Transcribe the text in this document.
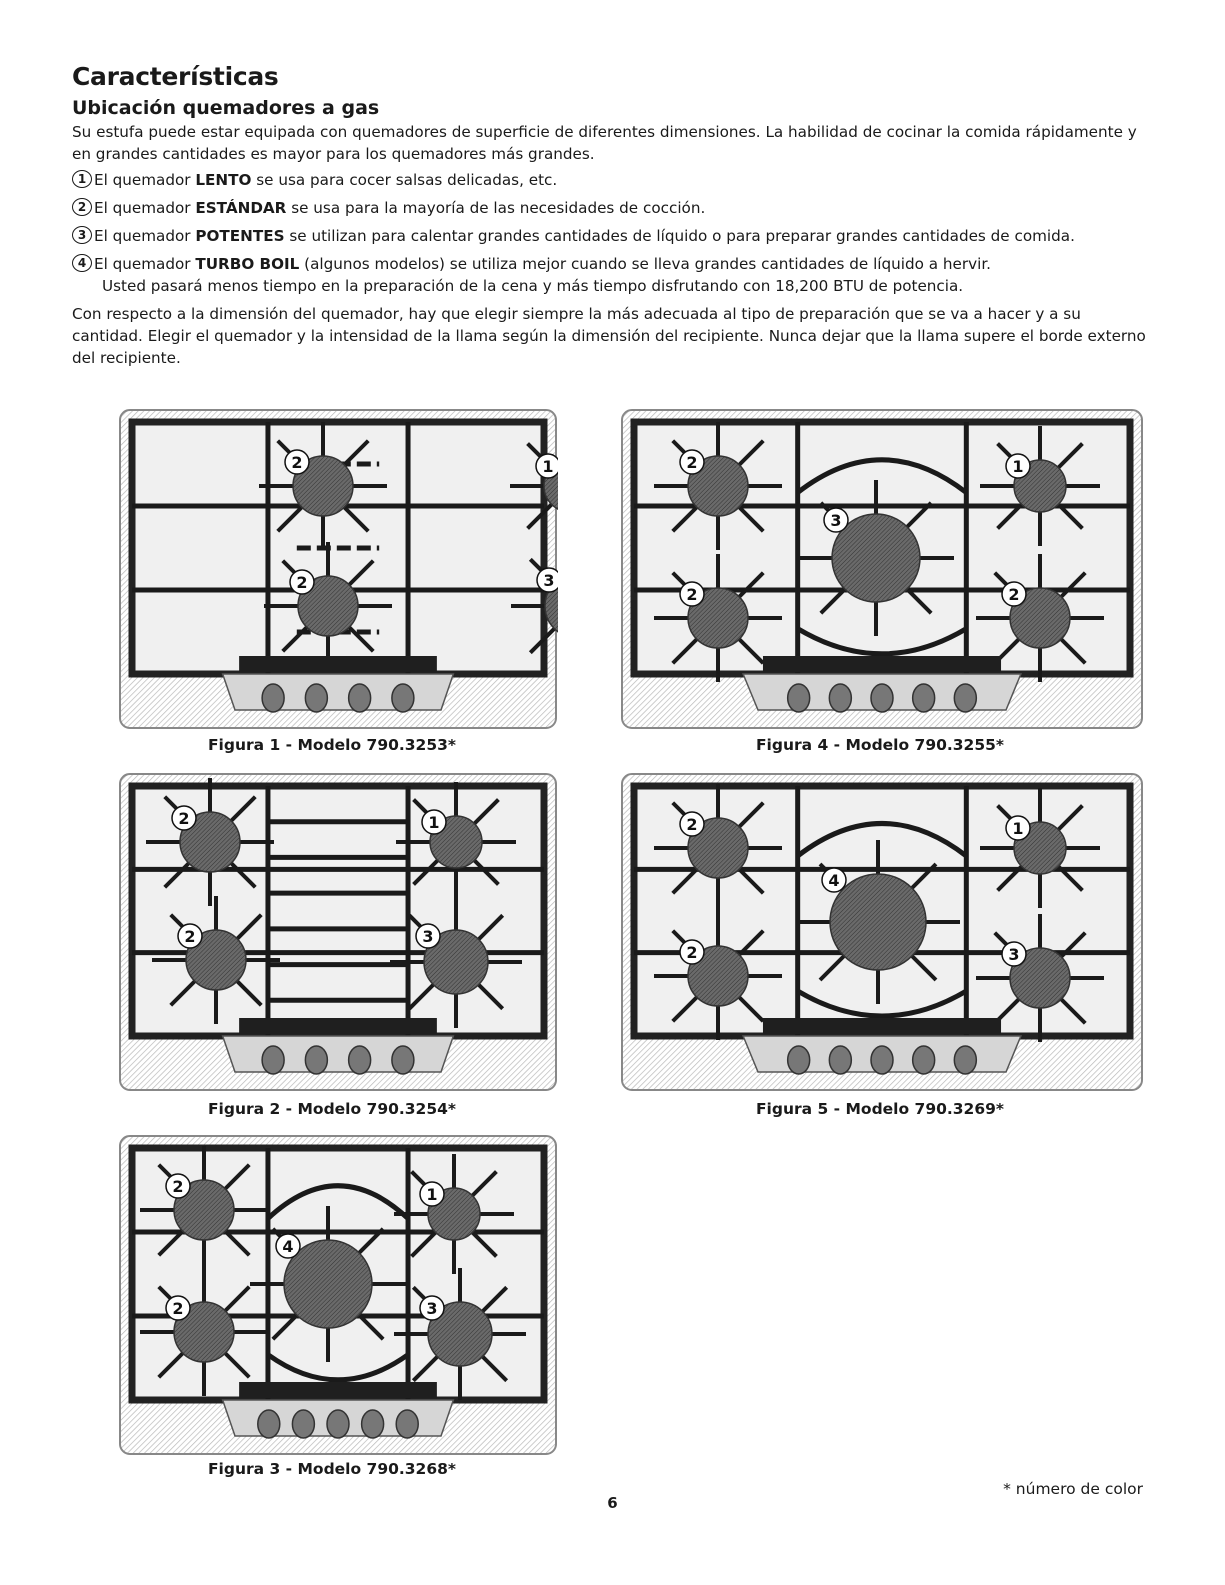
Características
Ubicación quemadores a gas

Su estufa puede estar equipada con quemadores de superficie de diferentes dimensiones. La habilidad de cocinar la comida rápidamente y en grandes cantidades es mayor para los quemadores más grandes.

1 El quemador LENTO se usa para cocer salsas delicadas, etc.
2 El quemador ESTÁNDAR se usa para la mayoría de las necesidades de cocción.
3 El quemador POTENTES se utilizan para calentar grandes cantidades de líquido o para preparar grandes cantidades de comida.
4 El quemador TURBO BOIL (algunos modelos) se utiliza mejor cuando se lleva grandes cantidades de líquido a hervir.
Usted pasará menos tiempo en la preparación de la cena y más tiempo disfrutando con 18,200 BTU de potencia.

Con respecto a la dimensión del quemador, hay que elegir siempre la más adecuada al tipo de preparación que se va a hacer y a su cantidad. Elegir el quemador y la intensidad de la llama según la dimensión del recipiente. Nunca dejar que la llama supere el borde externo del recipiente.

2	1
2	3
Figura 1 - Modelo 790.3253*
2	1
2	2
3
Figura 4 - Modelo 790.3255*
2	1
2	3
Figura 2 - Modelo 790.3254*
2	1
2	3
4
Figura 5 - Modelo 790.3269*
2	1
2	3
4
Figura 3 - Modelo 790.3268*
* número de color
6
